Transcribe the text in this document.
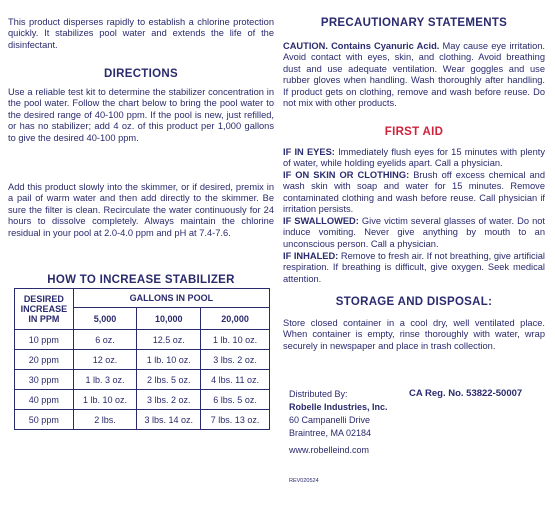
This product disperses rapidly to establish a chlorine protection quickly. It stabilizes pool water and extends the life of the disinfectant.

DIRECTIONS

Use a reliable test kit to determine the stabilizer concentration in the pool water. Follow the chart below to bring the pool water to the desired range of 40-100 ppm. If the pool is new, just refilled, or has no stabilizer; add 4 oz. of this product per 1,000 gallons to give the desired 40-100 ppm.

Add this product slowly into the skimmer, or if desired, premix in a pail of warm water and then add directly to the skimmer. Be sure the filter is clean. Recirculate the water continuously for 24 hours to dissolve completely. Always maintain the chlorine residual in your pool at 2.0-4.0 ppm and pH at 7.4-7.6.

HOW TO INCREASE STABILIZER
DESIRED INCREASE IN PPM	GALLONS IN POOL		
	5,000	10,000	20,000
10 ppm	6 oz.	12.5 oz.	1 lb. 10 oz.
20 ppm	12 oz.	1 lb. 10 oz.	3 lbs. 2 oz.
30 ppm	1 lb. 3 oz.	2 lbs. 5 oz.	4 lbs. 11 oz.
40 ppm	1 lb. 10 oz.	3 lbs. 2 oz.	6 lbs. 5 oz.
50 ppm	2 lbs.	3 lbs. 14 oz.	7 lbs. 13 oz.
PRECAUTIONARY STATEMENTS

CAUTION. Contains Cyanuric Acid. May cause eye irritation. Avoid contact with eyes, skin, and clothing. Avoid breathing dust and use adequate ventilation. Wear goggles and use rubber gloves when handling. Wash thoroughly after handling. If product gets on clothing, remove and wash before reuse. Do not mix with other products.

FIRST AID

IF IN EYES: Immediately flush eyes for 15 minutes with plenty of water, while holding eyelids apart. Call a physician.

IF ON SKIN OR CLOTHING: Brush off excess chemical and wash skin with soap and water for 15 minutes. Remove contaminated clothing and wash before reuse. Call physician if irritation persists.

IF SWALLOWED: Give victim several glasses of water. Do not induce vomiting. Never give anything by mouth to an unconscious person. Call a physician.

IF INHALED: Remove to fresh air. If not breathing, give artificial respiration. If breathing is difficult, give oxygen. Seek medical attention.

STORAGE AND DISPOSAL:

Store closed container in a cool dry, well ventilated place. When container is empty, rinse thoroughly with water, wrap securely in newspaper and place in trash collection.

Distributed By:
Robelle Industries, Inc.
60 Campanelli Drive
Braintree, MA 02184
CA Reg. No. 53822-50007
www.robelleind.com
REV020524
